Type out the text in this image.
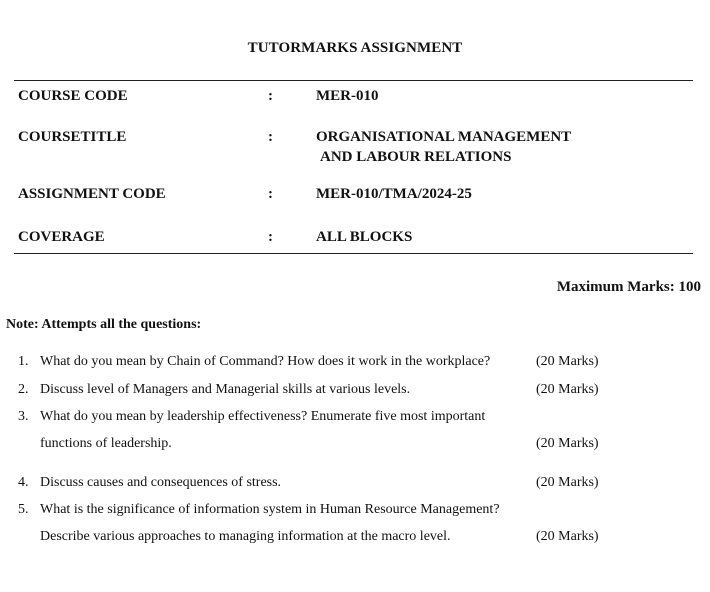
TUTORMARKS ASSIGNMENT
COURSE CODE	:	MER-010
COURSETITLE	:	ORGANISATIONAL MANAGEMENT
AND LABOUR RELATIONS
ASSIGNMENT CODE	:	MER-010/TMA/2024-25
COVERAGE	:	ALL BLOCKS
Maximum Marks: 100
Note: Attempts all the questions:
1. What do you mean by Chain of Command? How does it work in the workplace?	(20 Marks)
2. Discuss level of Managers and Managerial skills at various levels.	(20 Marks)
3. What do you mean by leadership effectiveness? Enumerate five most important
functions of leadership.	(20 Marks)
4. Discuss causes and consequences of stress.	(20 Marks)
5. What is the significance of information system in Human Resource Management?
Describe various approaches to managing information at the macro level.	(20 Marks)
